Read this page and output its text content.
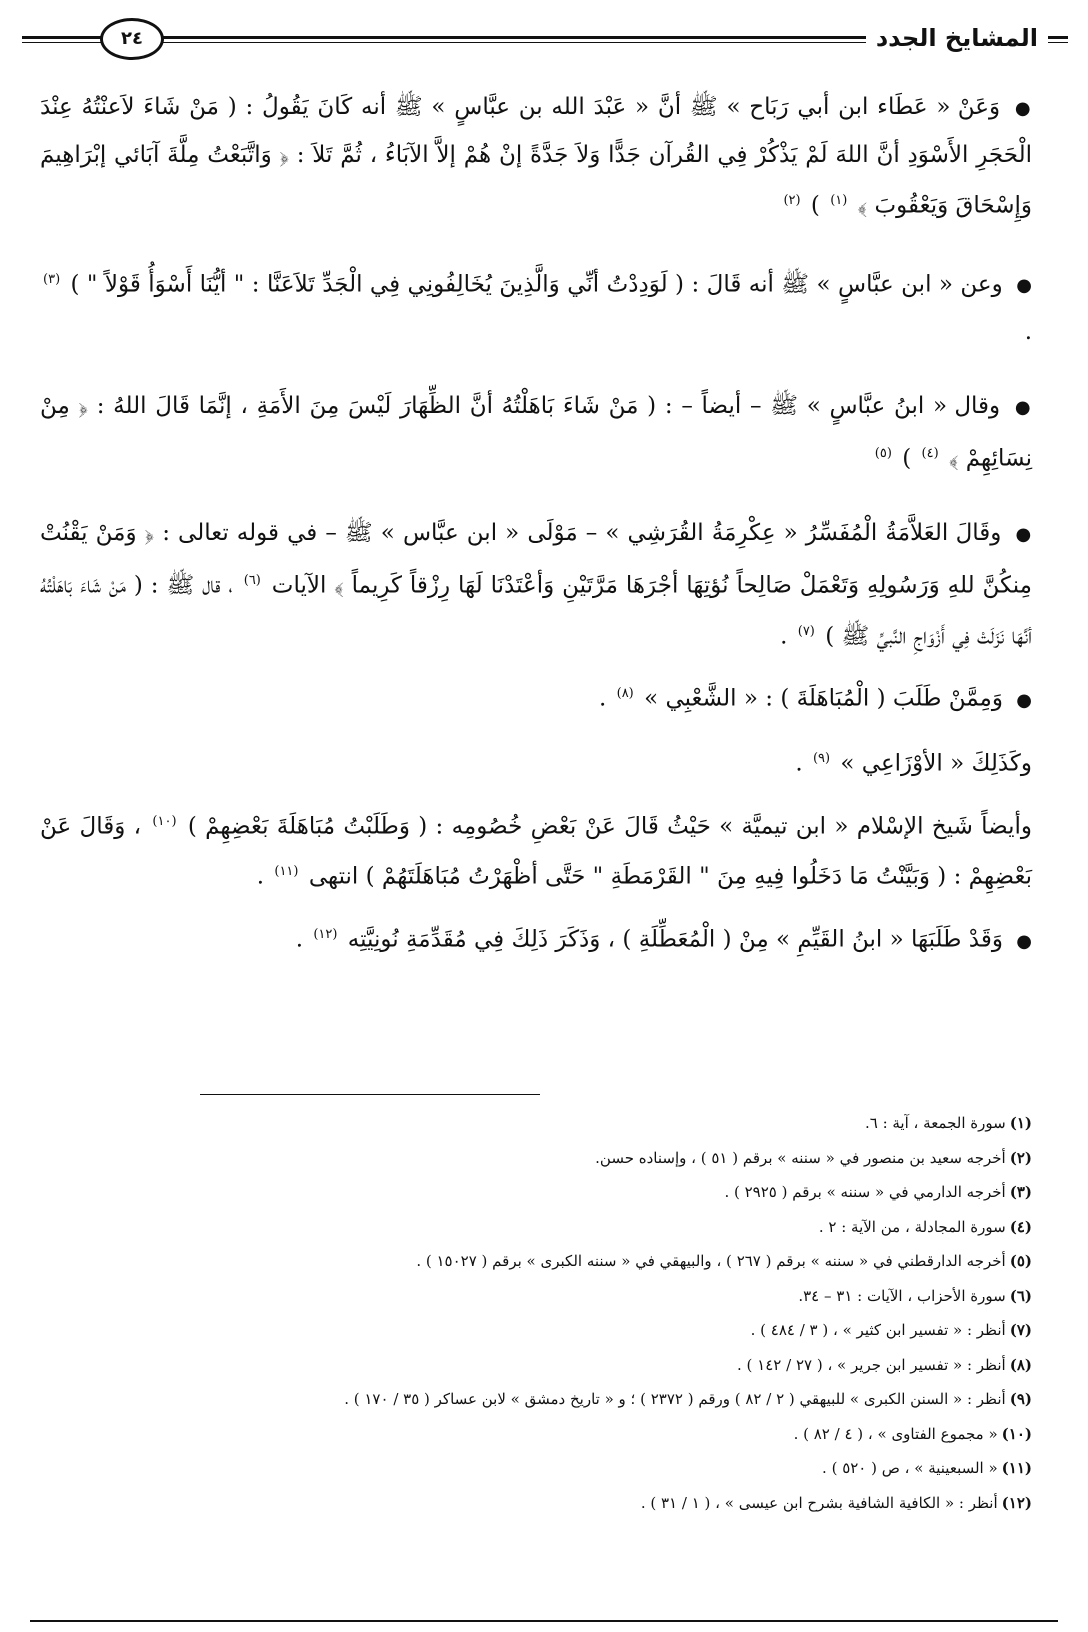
المشايخ الجدد
٢٤

● وَعَنْ « عَطَاء ابن أبي رَبَاح » ﷺ أنَّ « عَبْدَ الله بن عبَّاسٍ » ﷺ أنه كَانَ يَقُولُ : ( مَنْ شَاءَ لاَعنْتُهُ عِنْدَ الْحَجَرِ الأَسْوَدِ أنَّ اللهَ لَمْ يَذْكُرْ فِي القُرآن جَدًّا وَلاَ جَدَّةً إنْ هُمْ إلاَّ الآبَاءُ ، ثُمَّ تَلاَ : ﴿ وَاتَّبَعْتُ مِلَّةَ آبَائي إبْرَاهِيمَ وَإِسْحَاقَ وَيَعْقُوبَ ﴾ $^{(١)}$ ) $^{(٢)}$

● وعن « ابن عبَّاسٍ » ﷺ أنه قَالَ : ( لَوَدِدْتُ أنِّي وَالَّذِينَ يُخَالِفُونِي فِي الْجَدِّ تَلاَعَنَّا : " أيُّنَا أَسْوَأُ قَوْلاً " ) $^{(٣)}$ .

● وقال « ابنُ عبَّاسٍ » ﷺ – أيضاً – : ( مَنْ شَاءَ بَاهَلْتُهُ أنَّ الظِّهَارَ لَيْسَ مِنَ الأَمَةِ ، إنَّمَا قَالَ اللهُ : ﴿ مِنْ نِسَائِهِمْ ﴾ $^{(٤)}$ ) $^{(٥)}$

● وقَالَ العَلاَّمَةُ الْمُفَسِّرُ « عِكْرِمَةُ القُرَشِي » – مَوْلَى « ابن عبَّاس » ﷺ – في قوله تعالى : ﴿ وَمَنْ يَقْنُتْ مِنكُنَّ للهِ وَرَسُولِهِ وَتَعْمَلْ صَالِحاً نُؤتِهَا أجْرَهَا مَرَّتَيْنِ وَأعْتَدْنَا لَهَا رِزْقاً كَرِيماً ﴾ الآيات $^{(٦)}$ ، قال ﷺ : ( مَنْ شَاءَ بَاهَلْتُهُ أنَّهَا نَزَلَتْ فِي أَزْوَاجِ النَّبيِّ ﷺ ) $^{(٧)}$ .

● وَمِمَّنْ طَلَبَ ( الْمُبَاهَلَةَ ) : « الشَّعْبِي » $^{(٨)}$ .

وكَذَلِكَ « الأوْزَاعِي » $^{(٩)}$ .

وأيضاً شَيخ الإسْلام « ابن تيميَّة » حَيْثُ قَالَ عَنْ بَعْضِ خُصُومِه : ( وَطَلَبْتُ مُبَاهَلَةَ بَعْضِهِمْ ) $^{(١٠)}$ ، وَقَالَ عَنْ بَعْضِهِمْ : ( وَبَيَّنْتُ مَا دَخَلُوا فِيهِ مِنَ " القَرْمَطَةِ " حَتَّى أظْهَرْتُ مُبَاهَلَتَهُمْ ) انتهى $^{(١١)}$ .

● وَقَدْ طَلَبَهَا « ابنُ القَيِّمِ » مِنْ ( الْمُعَطِّلَةِ ) ، وَذَكَرَ ذَلِكَ فِي مُقَدِّمَةِ نُونِيَّتِه $^{(١٢)}$ .

(١)سورة الجمعة ، آية : ٦.
(٢)أخرجه سعيد بن منصور في « سننه » برقم ( ٥١ ) ، وإسناده حسن.
(٣)أخرجه الدارمي في « سننه » برقم ( ٢٩٢٥ ) .
(٤)سورة المجادلة ، من الآية : ٢ .
(٥)أخرجه الدارقطني في « سننه » برقم ( ٢٦٧ ) ، والبيهقي في « سننه الكبرى » برقم ( ١٥٠٢٧ ) .
(٦)سورة الأحزاب ، الآيات : ٣١ – ٣٤.
(٧)أنظر : « تفسير ابن كثير » ، ( ٣ / ٤٨٤ ) .
(٨)أنظر : « تفسير ابن جرير » ، ( ٢٧ / ١٤٢ ) .
(٩)أنظر : « السنن الكبرى » للبيهقي ( ٢ / ٨٢ ) ورقم ( ٢٣٧٢ ) ؛ و « تاريخ دمشق » لابن عساكر ( ٣٥ / ١٧٠ ) .
(١٠)« مجموع الفتاوى » ، ( ٤ / ٨٢ ) .
(١١)« السبعينية » ، ص ( ٥٢٠ ) .
(١٢)أنظر : « الكافية الشافية بشرح ابن عيسى » ، ( ١ / ٣١ ) .
